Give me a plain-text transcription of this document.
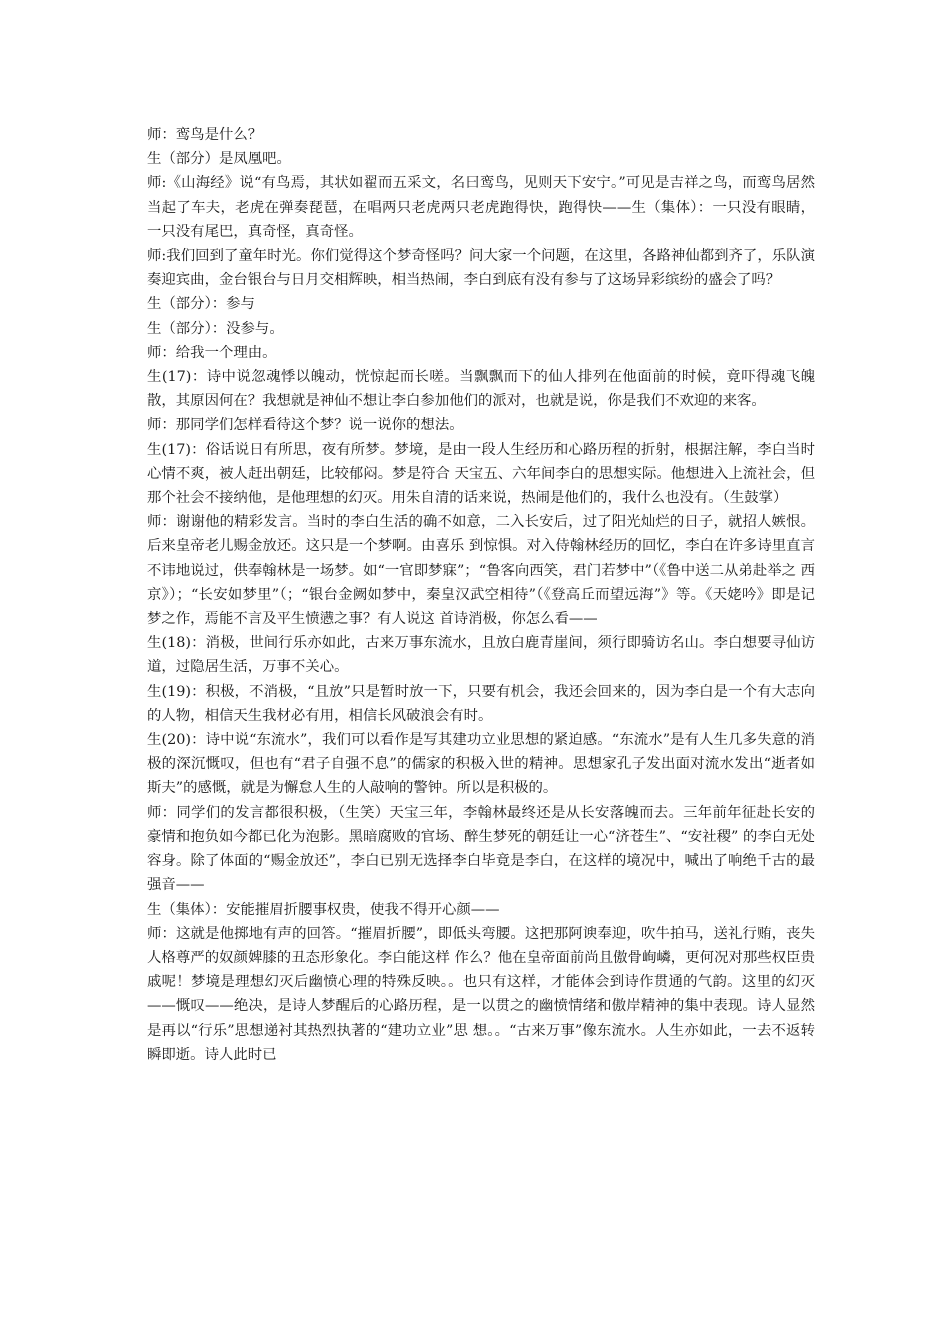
师：鸾鸟是什么？

生（部分）是凤凰吧。

师:《山海经》说“有鸟焉，其状如翟而五采文，名曰鸾鸟，见则天下安宁。”可见是吉祥之鸟，而鸾鸟居然当起了车夫，老虎在弹奏琵琶，在唱两只老虎两只老虎跑得快，跑得快——生（集体）：一只没有眼睛，一只没有尾巴，真奇怪，真奇怪。

师:我们回到了童年时光。你们觉得这个梦奇怪吗？问大家一个问题，在这里，各路神仙都到齐了，乐队演奏迎宾曲，金台银台与日月交相辉映，相当热闹，李白到底有没有参与了这场异彩缤纷的盛会了吗？

生（部分）：参与

生（部分）：没参与。

师：给我一个理由。

生(17)：诗中说忽魂悸以魄动，恍惊起而长嗟。当飘飘而下的仙人排列在他面前的时候，竟吓得魂飞魄散，其原因何在？我想就是神仙不想让李白参加他们的派对，也就是说，你是我们不欢迎的来客。

师：那同学们怎样看待这个梦？说一说你的想法。

生(17)：俗话说日有所思，夜有所梦。梦境，是由一段人生经历和心路历程的折射，根据注解，李白当时心情不爽，被人赶出朝廷，比较郁闷。梦是符合 天宝五、六年间李白的思想实际。他想进入上流社会，但那个社会不接纳他，是他理想的幻灭。用朱自清的话来说，热闹是他们的，我什么也没有。（生鼓掌）

师：谢谢他的精彩发言。当时的李白生活的确不如意，二入长安后，过了阳光灿烂的日子，就招人嫉恨。后来皇帝老儿赐金放还。这只是一个梦啊。由喜乐 到惊惧。对入侍翰林经历的回忆，李白在许多诗里直言不讳地说过，供奉翰林是一场梦。如“一官即梦寐”；“鲁客向西笑，君门若梦中”（《鲁中送二从弟赴举之 西京》）；“长安如梦里”（；“银台金阙如梦中，秦皇汉武空相待”（《登高丘而望远海”》等。《天姥吟》即是记梦之作，焉能不言及平生愤懑之事？有人说这 首诗消极，你怎么看——

生(18)：消极，世间行乐亦如此，古来万事东流水，且放白鹿青崖间，须行即骑访名山。李白想要寻仙访道，过隐居生活，万事不关心。

生(19)：积极，不消极，“且放”只是暂时放一下，只要有机会，我还会回来的，因为李白是一个有大志向的人物，相信天生我材必有用，相信长风破浪会有时。

生(20)：诗中说“东流水”，我们可以看作是写其建功立业思想的紧迫感。“东流水”是有人生几多失意的消极的深沉慨叹，但也有“君子自强不息”的儒家的积极入世的精神。思想家孔子发出面对流水发出“逝者如斯夫”的感慨，就是为懈怠人生的人敲响的警钟。所以是积极的。

师：同学们的发言都很积极，（生笑）天宝三年，李翰林最终还是从长安落魄而去。三年前年征赴长安的豪情和抱负如今都已化为泡影。黑暗腐败的官场、醉生梦死的朝廷让一心“济苍生”、“安社稷” 的李白无处容身。除了体面的“赐金放还”，李白已别无选择李白毕竟是李白，在这样的境况中，喊出了响绝千古的最强音——

生（集体）：安能摧眉折腰事权贵，使我不得开心颜——

师：这就是他掷地有声的回答。“摧眉折腰”，即低头弯腰。这把那阿谀奉迎，吹牛拍马，送礼行贿，丧失人格尊严的奴颜婢膝的丑态形象化。李白能这样 作么？他在皇帝面前尚且傲骨峋嶙，更何况对那些权臣贵戚呢！梦境是理想幻灭后幽愤心理的特殊反映。。也只有这样，才能体会到诗作贯通的气韵。这里的幻灭 ——慨叹——绝决，是诗人梦醒后的心路历程，是一以贯之的幽愤情绪和傲岸精神的集中表现。诗人显然是再以“行乐”思想递衬其热烈执著的“建功立业”思 想。。“古来万事”像东流水。人生亦如此，一去不返转瞬即逝。诗人此时已
